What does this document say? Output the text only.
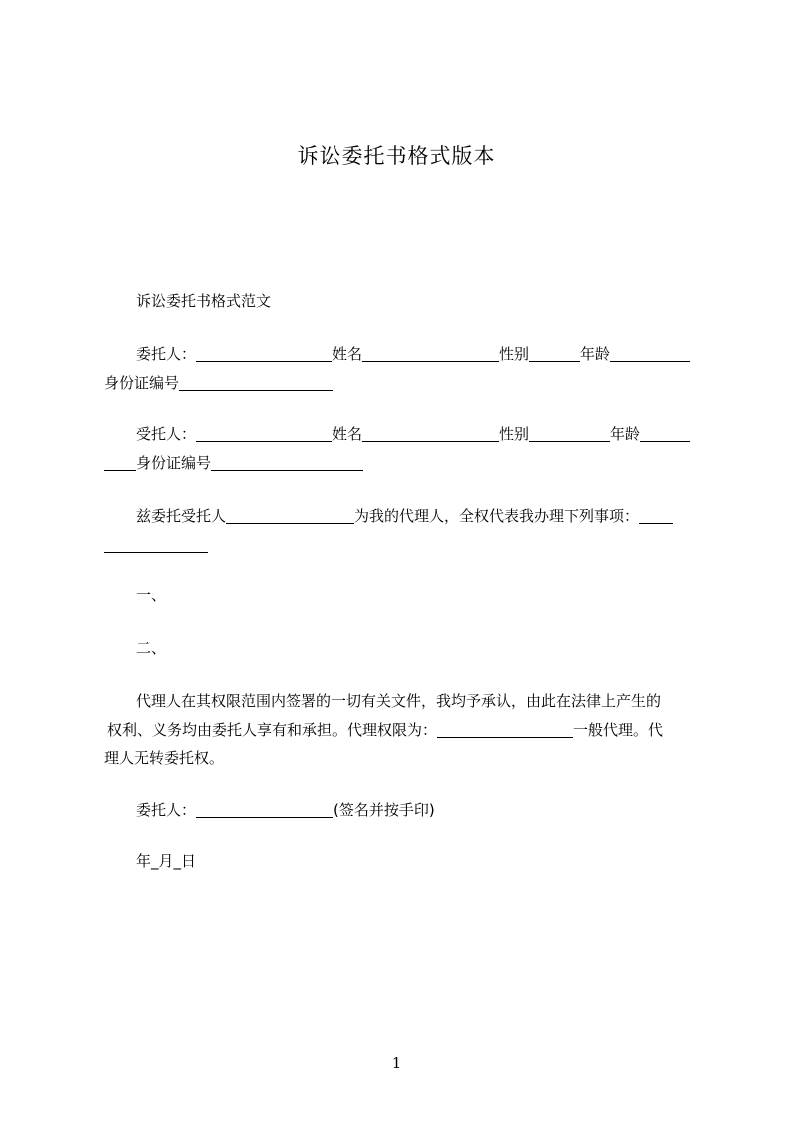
诉讼委托书格式版本
诉讼委托书格式范文
委托人：	姓名	性别	年龄
身份证编号
受托人：	姓名	性别	年龄
身份证编号
兹委托受托人	为我的代理人，全权代表我办理下列事项：
一、
二、
代理人在其权限范围内签署的一切有关文件，我均予承认，由此在法律上产生的
权利、义务均由委托人享有和承担。代理权限为：	一般代理。代
理人无转委托权。
委托人：	(签名并按手印)
年_月_日
1
